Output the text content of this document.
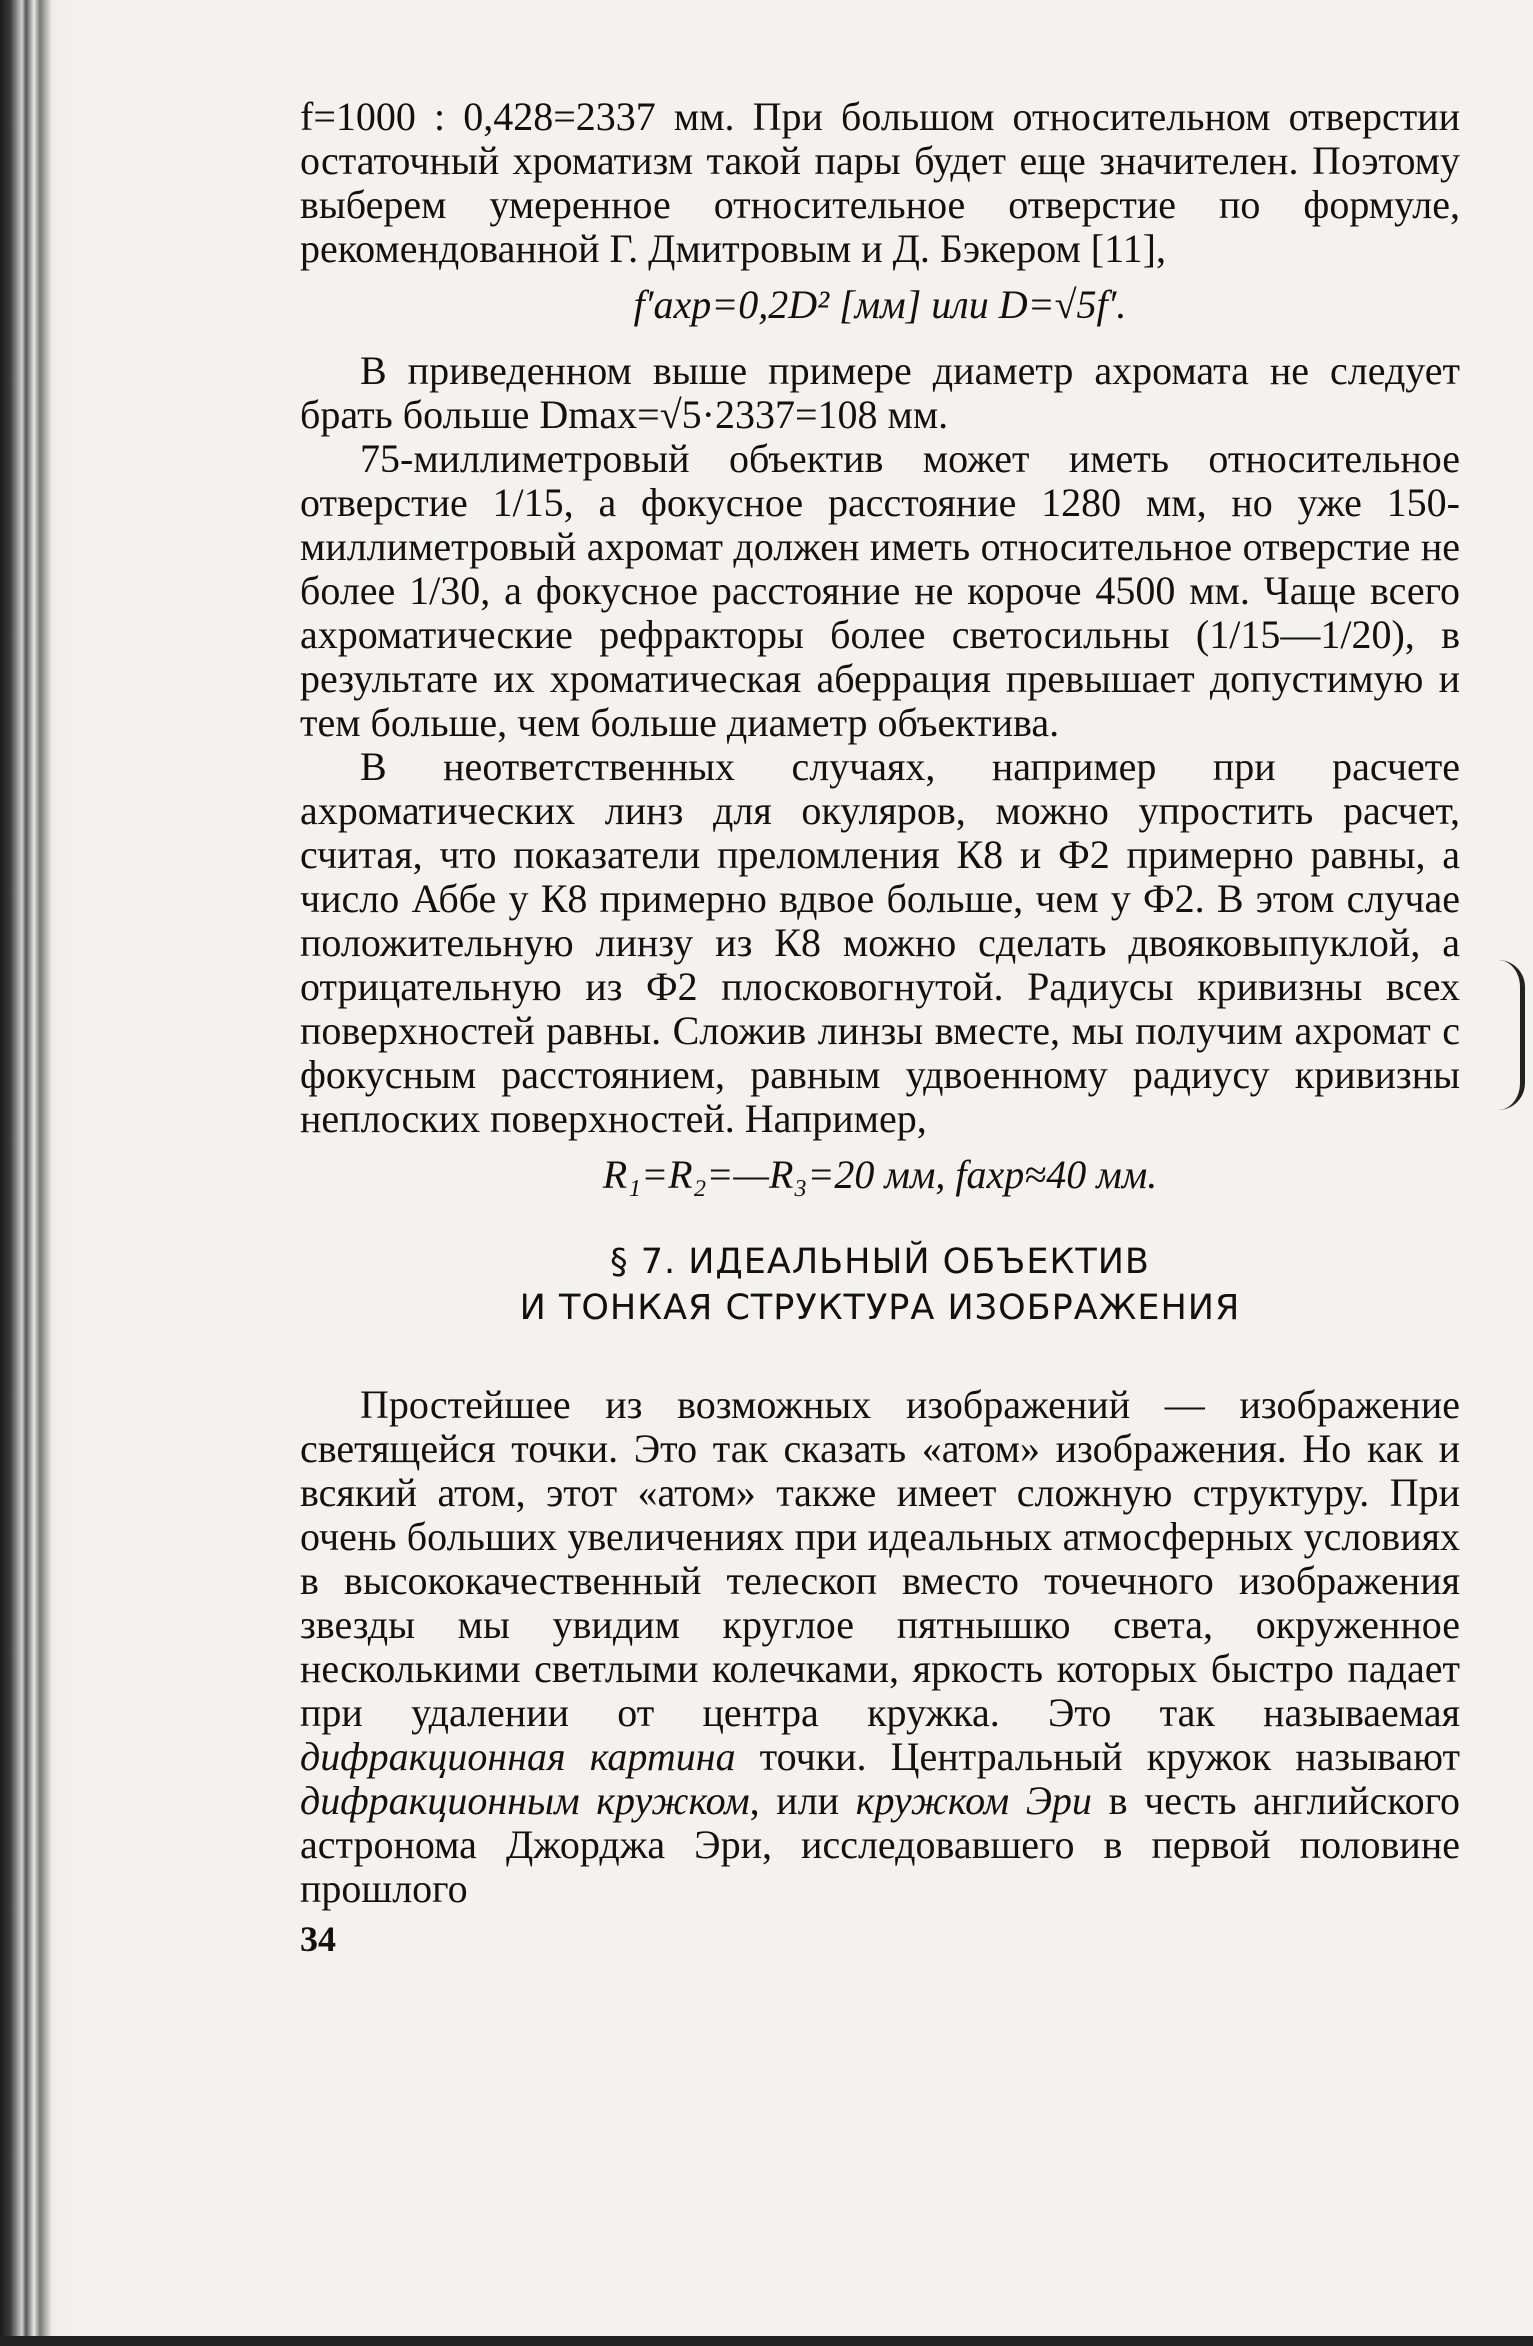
f=1000 : 0,428=2337 мм. При большом относительном отверстии остаточный хроматизм такой пары будет еще значителен. Поэтому выберем умеренное относительное отверстие по формуле, рекомендованной Г. Дмитровым и Д. Бэкером [11],

f′ахр=0,2D² [мм] или D=√5f′.

В приведенном выше примере диаметр ахромата не следует брать больше Dmax=√5·2337=108 мм.

75-миллиметровый объектив может иметь относительное отверстие 1/15, а фокусное расстояние 1280 мм, но уже 150-миллиметровый ахромат должен иметь относительное отверстие не более 1/30, а фокусное расстояние не короче 4500 мм. Чаще всего ахроматические рефракторы более светосильны (1/15—1/20), в результате их хроматическая аберрация превышает допустимую и тем больше, чем больше диаметр объектива.

В неответственных случаях, например при расчете ахроматических линз для окуляров, можно упростить расчет, считая, что показатели преломления К8 и Ф2 примерно равны, а число Аббе у К8 примерно вдвое больше, чем у Ф2. В этом случае положительную линзу из К8 можно сделать двояковыпуклой, а отрицательную из Ф2 плосковогнутой. Радиусы кривизны всех поверхностей равны. Сложив линзы вместе, мы получим ахромат с фокусным расстоянием, равным удвоенному радиусу кривизны неплоских поверхностей. Например,

R₁=R₂=—R₃=20 мм, fахр≈40 мм.

§ 7. ИДЕАЛЬНЫЙ ОБЪЕКТИВ
И ТОНКАЯ СТРУКТУРА ИЗОБРАЖЕНИЯ

Простейшее из возможных изображений — изображение светящейся точки. Это так сказать «атом» изображения. Но как и всякий атом, этот «атом» также имеет сложную структуру. При очень больших увеличениях при идеальных атмосферных условиях в высококачественный телескоп вместо точечного изображения звезды мы увидим круглое пятнышко света, окруженное несколькими светлыми колечками, яркость которых быстро падает при удалении от центра кружка. Это так называемая дифракционная картина точки. Центральный кружок называют дифракционным кружком, или кружком Эри в честь английского астронома Джорджа Эри, исследовавшего в первой половине прошлого

34
